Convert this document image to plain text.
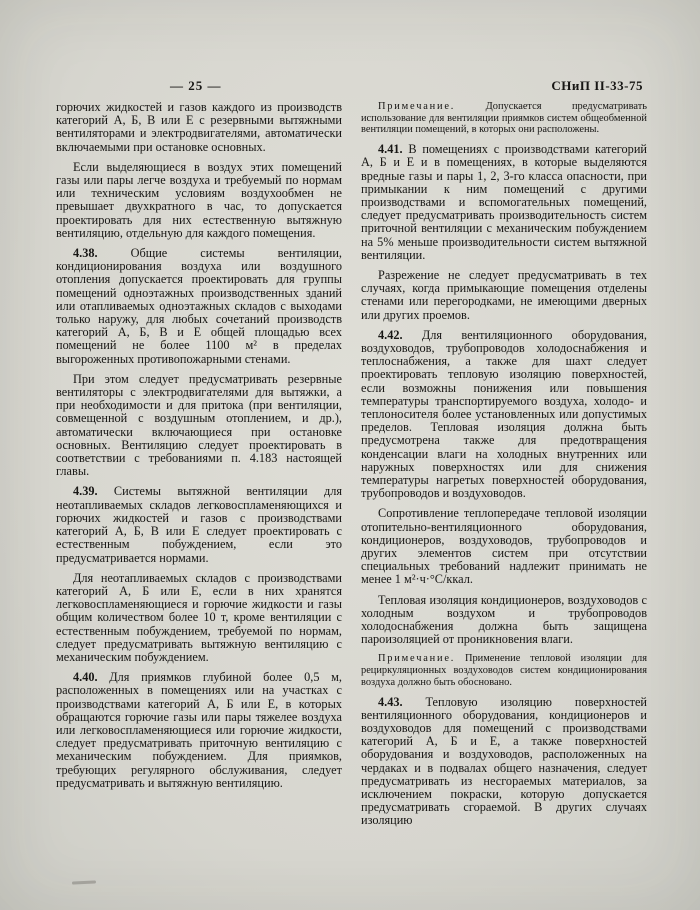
— 25 —	СНиП II-33-75

горючих жидкостей и газов каждого из производств категорий А, Б, В или Е с резервными вытяжными вентиляторами и электродвигателями, автоматически включаемыми при остановке основных.

Если выделяющиеся в воздух этих помещений газы или пары легче воздуха и требуемый по нормам или техническим условиям воздухообмен не превышает двухкратного в час, то допускается проектировать для них естественную вытяжную вентиляцию, отдельную для каждого помещения.

4.38.	Общие системы вентиляции, кондиционирования воздуха или воздушного отопления допускается проектировать для группы помещений одноэтажных производственных зданий или отапливаемых одноэтажных складов с выходами только наружу, для любых сочетаний производств категорий А, Б, В и Е общей площадью всех помещений не более 1100 м² в пределах выгороженных противопожарными стенами.

При этом следует предусматривать резервные вентиляторы с электродвигателями для вытяжки, а при необходимости и для притока (при вентиляции, совмещенной с воздушным отоплением, и др.), автоматически включающиеся при остановке основных. Вентиляцию следует проектировать в соответствии с требованиями п. 4.183 настоящей главы.

4.39. Системы вытяжной вентиляции для неотапливаемых складов легковоспламеняющихся и горючих жидкостей и газов с производствами категорий А, Б, В или Е следует проектировать с естественным побуждением, если это предусматривается нормами.

Для неотапливаемых складов с производствами категорий А, Б или Е, если в них хранятся легковоспламеняющиеся и горючие жидкости и газы общим количеством более 10 т, кроме вентиляции с естественным побуждением, требуемой по нормам, следует предусматривать вытяжную вентиляцию с механическим побуждением.

4.40. Для приямков глубиной более 0,5 м, расположенных в помещениях или на участках с производствами категорий А, Б или Е, в которых обращаются горючие газы или пары тяжелее воздуха или легковоспламеняющиеся или горючие жидкости, следует предусматривать приточную вентиляцию с механическим побуждением. Для приямков, требующих регулярного обслуживания, следует предусматривать и вытяжную вентиляцию.

Примечание.	Допускается предусматривать использование для вентиляции приямков систем общеобменной вентиляции помещений, в которых они расположены.

4.41. В помещениях с производствами категорий А, Б и Е и в помещениях, в которые выделяются вредные газы и пары 1, 2, 3-го класса опасности, при примыкании к ним помещений с другими производствами и вспомогательных помещений, следует предусматривать производительность систем приточной вентиляции с механическим побуждением на 5% меньше производительности систем вытяжной вентиляции.

Разрежение не следует предусматривать в тех случаях, когда примыкающие помещения отделены стенами или перегородками, не имеющими дверных или других проемов.

4.42. Для вентиляционного оборудования, воздуховодов, трубопроводов холодоснабжения и теплоснабжения, а также для шахт следует проектировать тепловую изоляцию поверхностей, если возможны понижения или повышения температуры транспортируемого воздуха, холодо- и теплоносителя более установленных или допустимых пределов. Тепловая изоляция должна быть предусмотрена также для предотвращения конденсации влаги на холодных внутренних или наружных поверхностях или для снижения температуры нагретых поверхностей оборудования, трубопроводов и воздуховодов.

Сопротивление теплопередаче тепловой изоляции отопительно-вентиляционного оборудования, кондиционеров, воздуховодов, трубопроводов и других элементов систем при отсутствии специальных требований надлежит принимать не менее 1 м²·ч·°С/ккал.

Тепловая изоляция кондиционеров, воздуховодов с холодным воздухом и трубопроводов холодоснабжения должна быть защищена пароизоляцией от проникновения влаги.

Примечание. Применение тепловой изоляции для рециркуляционных воздуховодов систем кондиционирования воздуха должно быть обосновано.

4.43. Тепловую изоляцию поверхностей вентиляционного оборудования, кондиционеров и воздуховодов для помещений с производствами категорий А, Б и Е, а также поверхностей оборудования и воздуховодов, расположенных на чердаках и в подвалах общего назначения, следует предусматривать из несгораемых материалов, за исключением покраски, которую допускается предусматривать сгораемой. В других случаях изоляцию
